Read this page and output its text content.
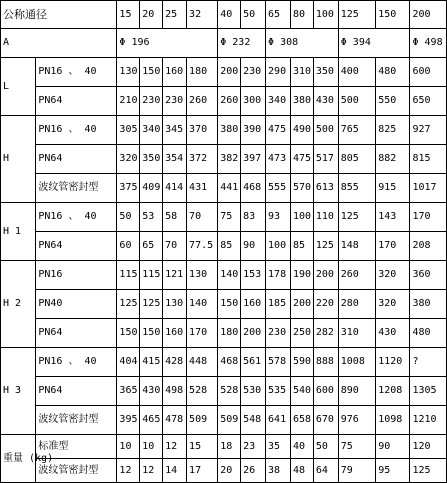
公称通径		15	20	25	32	40	50	65	80	100	125	150	200
A		Φ 196				Φ 232		Φ 308			Φ 394		Φ 498
L	PN16 、 40	130	150	160	180	200	230	290	310	350	400	480	600
	PN64	210	230	230	260	260	300	340	380	430	500	550	650
H	PN16 、 40	305	340	345	370	380	390	475	490	500	765	825	927
	PN64	320	350	354	372	382	397	473	475	517	805	882	815
	波纹管密封型	375	409	414	431	441	468	555	570	613	855	915	1017
H 1	PN16 、 40	50	53	58	70	75	83	93	100	110	125	143	170
	PN64	60	65	70	77.5	85	90	100	85	125	148	170	208
H 2	PN16	115	115	121	130	140	153	178	190	200	260	320	360
	PN40	125	125	130	140	150	160	185	200	220	280	320	380
	PN64	150	150	160	170	180	200	230	250	282	310	430	480
H 3	PN16 、 40	404	415	428	448	468	561	578	590	888	1008	1120	?
	PN64	365	430	498	528	528	530	535	540	600	890	1208	1305
	波纹管密封型	395	465	478	509	509	548	641	658	670	976	1098	1210
重量 (kg)	标准型	10	10	12	15	18	23	35	40	50	75	90	120
	波纹管密封型	12	12	14	17	20	26	38	48	64	79	95	125
